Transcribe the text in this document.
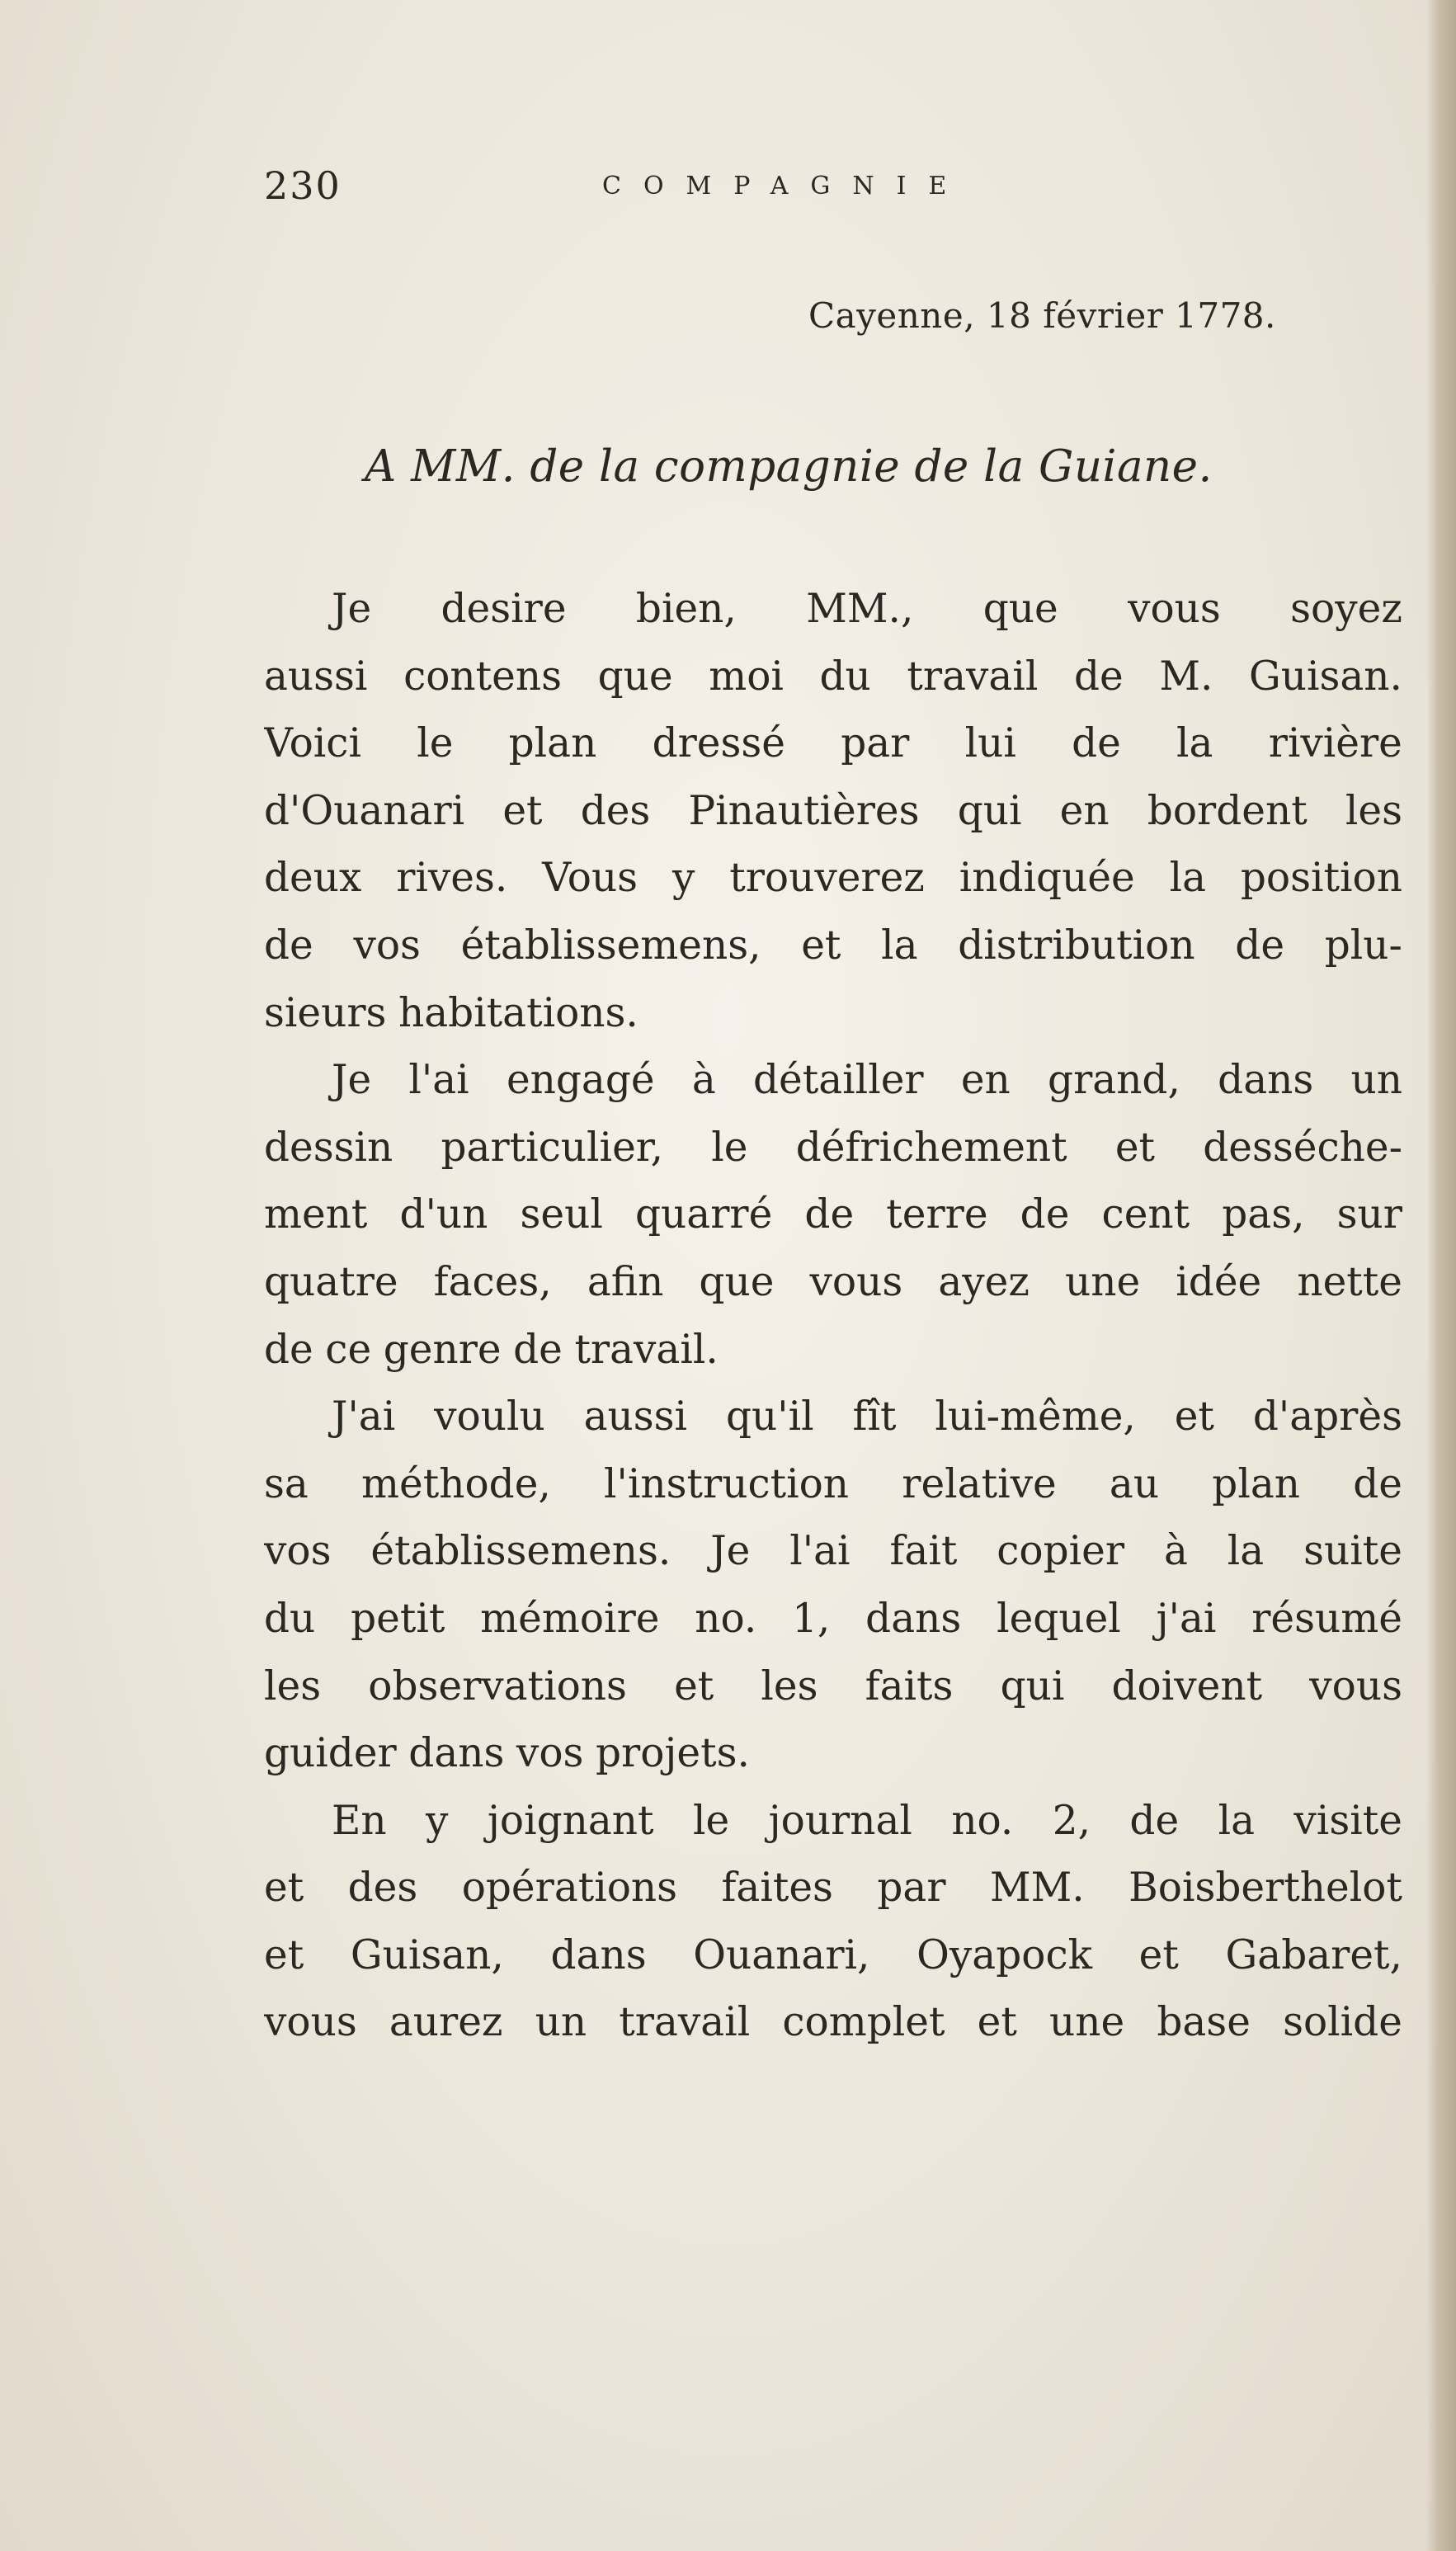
230	COMPAGNIE
Cayenne, 18 février 1778.
A MM. de la compagnie de la Guiane.
Je desire bien, MM., que vous soyez
aussi contens que moi du travail de M. Guisan.
Voici le plan dressé par lui de la rivière
d'Ouanari et des Pinautières qui en bordent les
deux rives. Vous y trouverez indiquée la position
de vos établissemens, et la distribution de plu-
sieurs habitations.
Je l'ai engagé à détailler en grand, dans un
dessin particulier, le défrichement et desséche-
ment d'un seul quarré de terre de cent pas, sur
quatre faces, afin que vous ayez une idée nette
de ce genre de travail.
J'ai voulu aussi qu'il fît lui-même, et d'après
sa méthode, l'instruction relative au plan de
vos établissemens. Je l'ai fait copier à la suite
du petit mémoire no. 1, dans lequel j'ai résumé
les observations et les faits qui doivent vous
guider dans vos projets.
En y joignant le journal no. 2, de la visite
et des opérations faites par MM. Boisberthelot
et Guisan, dans Ouanari, Oyapock et Gabaret,
vous aurez un travail complet et une base solide
